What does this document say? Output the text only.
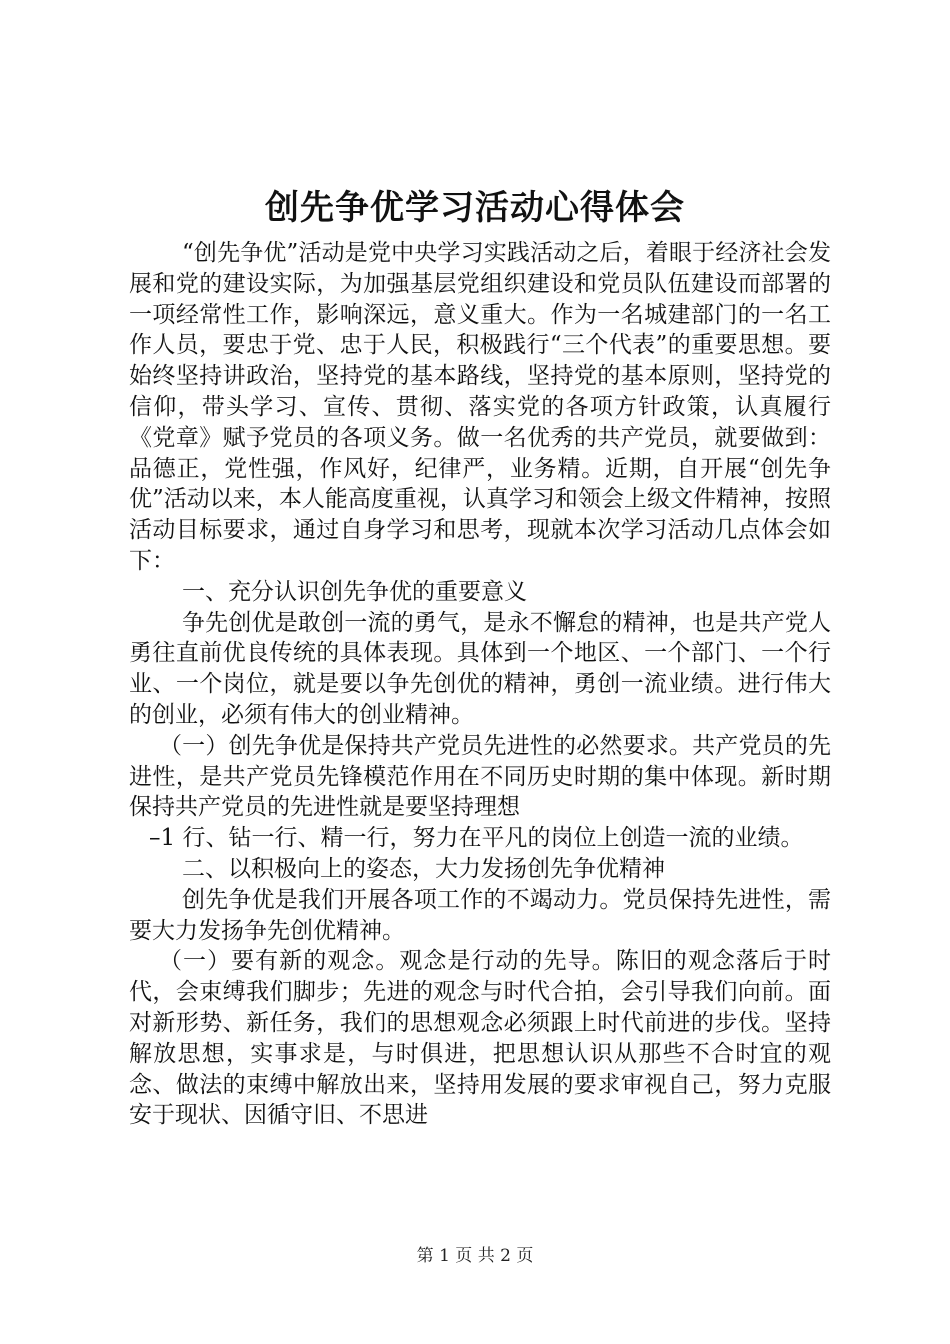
创先争优学习活动心得体会

“创先争优”活动是党中央学习实践活动之后，着眼于经济社会发展和党的建设实际，为加强基层党组织建设和党员队伍建设而部署的一项经常性工作，影响深远，意义重大。作为一名城建部门的一名工作人员，要忠于党、忠于人民，积极践行“三个代表”的重要思想。要始终坚持讲政治，坚持党的基本路线，坚持党的基本原则，坚持党的信仰，带头学习、宣传、贯彻、落实党的各项方针政策，认真履行《党章》赋予党员的各项义务。做一名优秀的共产党员，就要做到：品德正，党性强，作风好，纪律严，业务精。近期，自开展“创先争优”活动以来，本人能高度重视，认真学习和领会上级文件精神，按照活动目标要求，通过自身学习和思考，现就本次学习活动几点体会如下：

一、充分认识创先争优的重要意义

争先创优是敢创一流的勇气，是永不懈怠的精神，也是共产党人勇往直前优良传统的具体表现。具体到一个地区、一个部门、一个行业、一个岗位，就是要以争先创优的精神，勇创一流业绩。进行伟大的创业，必须有伟大的创业精神。

（一）创先争优是保持共产党员先进性的必然要求。共产党员的先进性，是共产党员先锋模范作用在不同历史时期的集中体现。新时期保持共产党员的先进性就是要坚持理想

–1 行、钻一行、精一行，努力在平凡的岗位上创造一流的业绩。

二、以积极向上的姿态，大力发扬创先争优精神

创先争优是我们开展各项工作的不竭动力。党员保持先进性，需要大力发扬争先创优精神。

（一）要有新的观念。观念是行动的先导。陈旧的观念落后于时代，会束缚我们脚步；先进的观念与时代合拍，会引导我们向前。面对新形势、新任务，我们的思想观念必须跟上时代前进的步伐。坚持解放思想，实事求是，与时俱进，把思想认识从那些不合时宜的观念、做法的束缚中解放出来，坚持用发展的要求审视自己，努力克服安于现状、因循守旧、不思进

第 1 页 共 2 页
